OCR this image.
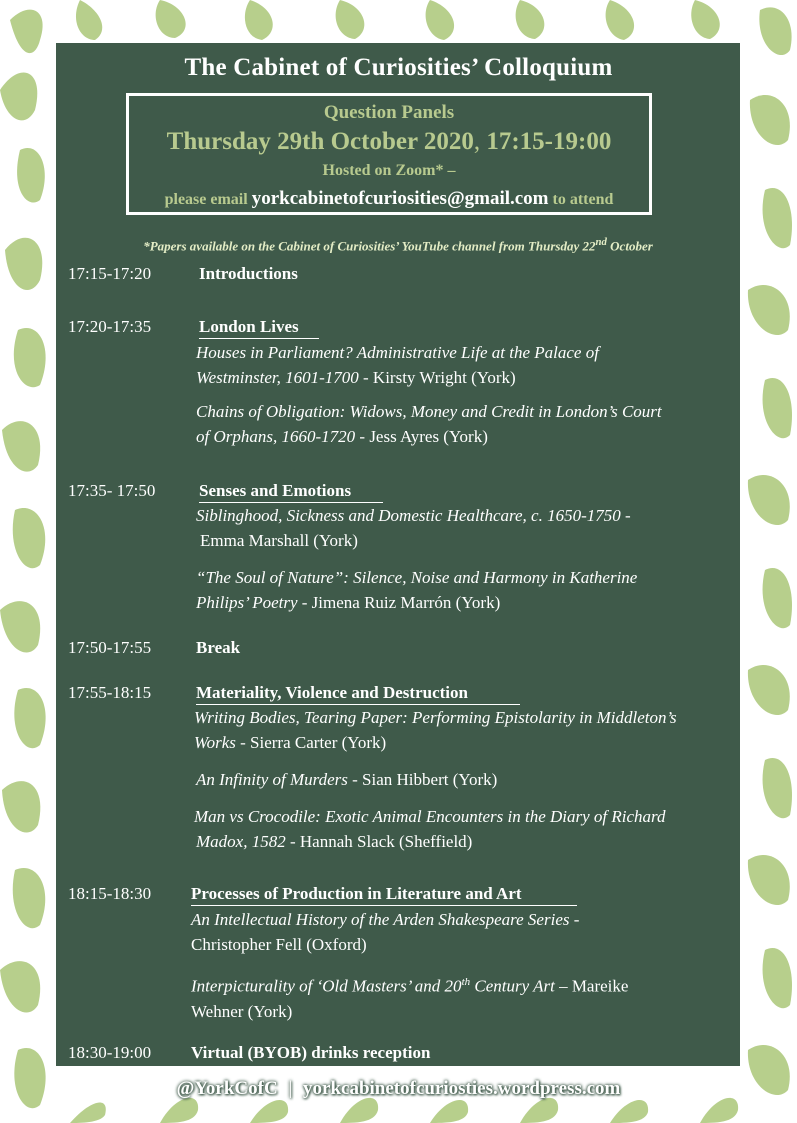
The Cabinet of Curiosities’ Colloquium
Question Panels
Thursday 29th October 2020, 17:15-19:00
Hosted on Zoom* –
please email yorkcabinetofcuriosities@gmail.com to attend
*Papers available on the Cabinet of Curiosities’ YouTube channel from Thursday 22nd October
17:15-17:20	Introductions
17:20-17:35	London Lives
Houses in Parliament? Administrative Life at the Palace of
Westminster, 1601-1700 - Kirsty Wright (York)
Chains of Obligation: Widows, Money and Credit in London’s Court
of Orphans, 1660-1720 - Jess Ayres (York)
17:35- 17:50	Senses and Emotions
Siblinghood, Sickness and Domestic Healthcare, c. 1650-1750 -
Emma Marshall (York)
“The Soul of Nature”: Silence, Noise and Harmony in Katherine
Philips’ Poetry - Jimena Ruiz Marrón (York)
17:50-17:55	Break
17:55-18:15	Materiality, Violence and Destruction
Writing Bodies, Tearing Paper: Performing Epistolarity in Middleton’s
Works - Sierra Carter (York)
An Infinity of Murders - Sian Hibbert (York)
Man vs Crocodile: Exotic Animal Encounters in the Diary of Richard
Madox, 1582 - Hannah Slack (Sheffield)
18:15-18:30 Processes of Production in Literature and Art
An Intellectual History of the Arden Shakespeare Series -
Christopher Fell (Oxford)
Interpicturality of ‘Old Masters’ and 20th Century Art – Mareike
Wehner (York)
18:30-19:00 Virtual (BYOB) drinks reception
@YorkCofC | yorkcabinetofcuriosties.wordpress.com
